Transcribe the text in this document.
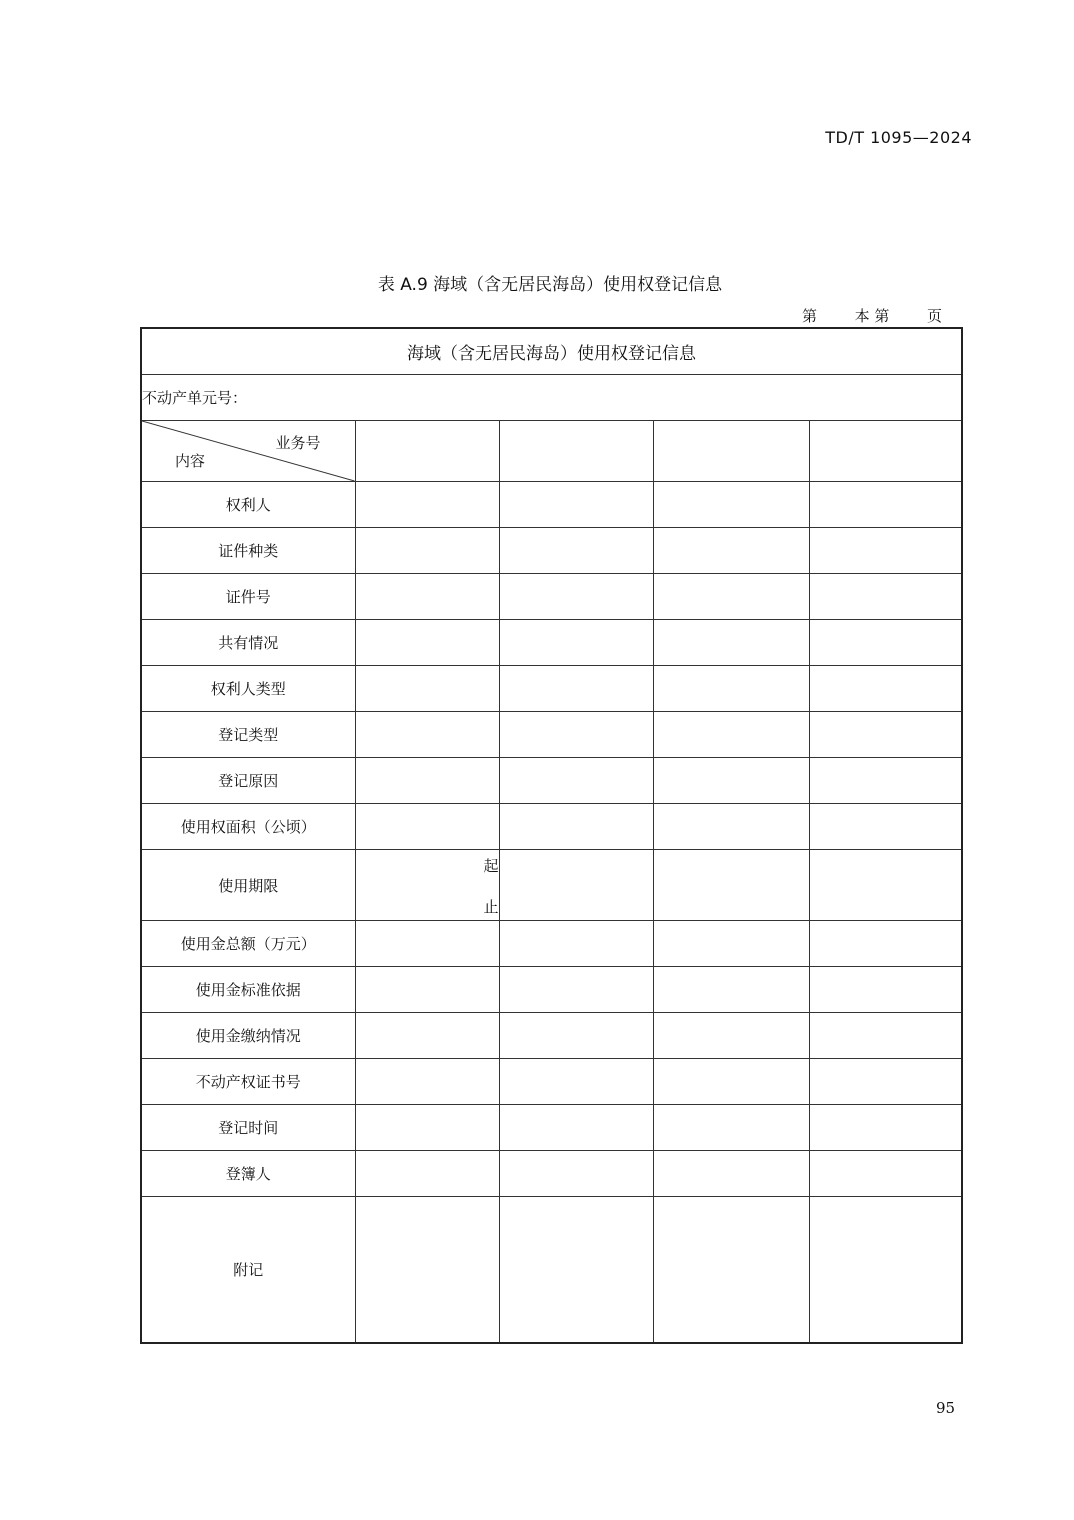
TD/T 1095—2024
表 A.9 海域（含无居民海岛）使用权登记信息
第	本 第	页
海域（含无居民海岛）使用权登记信息				
不动产单元号：				

业务号
内容				

权利人				
证件种类				
证件号				
共有情况				
权利人类型				
登记类型				
登记原因				
使用权面积（公顷）				
使用期限	起
止			

使用金总额（万元）				
使用金标准依据				
使用金缴纳情况				
不动产权证书号				
登记时间				
登簿人				
附记				
95
